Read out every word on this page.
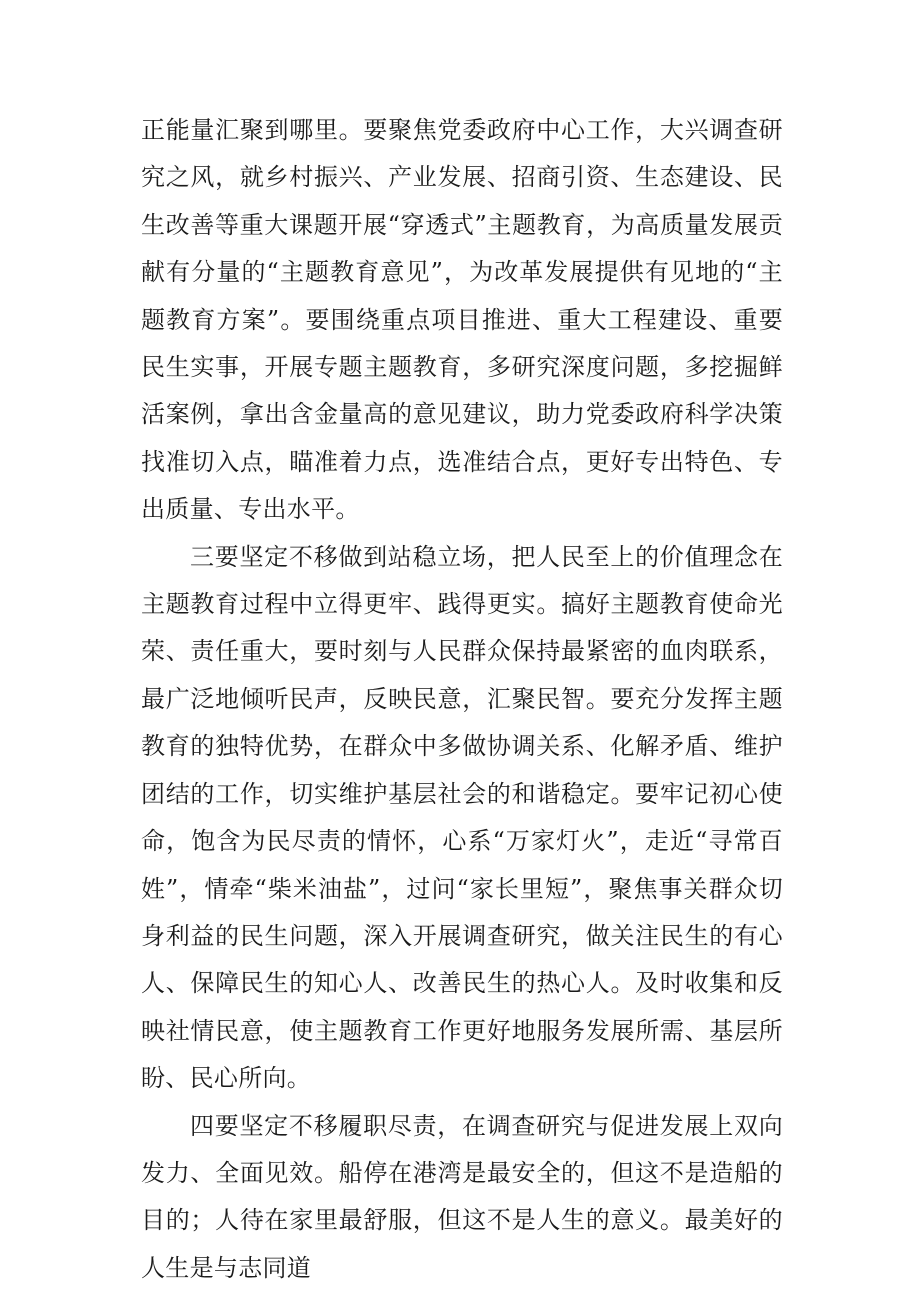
正能量汇聚到哪里。要聚焦党委政府中心工作，大兴调查研究之风，就乡村振兴、产业发展、招商引资、生态建设、民生改善等重大课题开展“穿透式”主题教育，为高质量发展贡献有分量的“主题教育意见”，为改革发展提供有见地的“主题教育方案”。要围绕重点项目推进、重大工程建设、重要民生实事，开展专题主题教育，多研究深度问题，多挖掘鲜活案例，拿出含金量高的意见建议，助力党委政府科学决策找准切入点，瞄准着力点，选准结合点，更好专出特色、专出质量、专出水平。

三要坚定不移做到站稳立场，把人民至上的价值理念在主题教育过程中立得更牢、践得更实。搞好主题教育使命光荣、责任重大，要时刻与人民群众保持最紧密的血肉联系，最广泛地倾听民声，反映民意，汇聚民智。要充分发挥主题教育的独特优势，在群众中多做协调关系、化解矛盾、维护团结的工作，切实维护基层社会的和谐稳定。要牢记初心使命，饱含为民尽责的情怀，心系“万家灯火”，走近“寻常百姓”，情牵“柴米油盐”，过问“家长里短”，聚焦事关群众切身利益的民生问题，深入开展调查研究，做关注民生的有心人、保障民生的知心人、改善民生的热心人。及时收集和反映社情民意，使主题教育工作更好地服务发展所需、基层所盼、民心所向。

四要坚定不移履职尽责，在调查研究与促进发展上双向发力、全面见效。船停在港湾是最安全的，但这不是造船的目的；人待在家里最舒服，但这不是人生的意义。最美好的人生是与志同道
